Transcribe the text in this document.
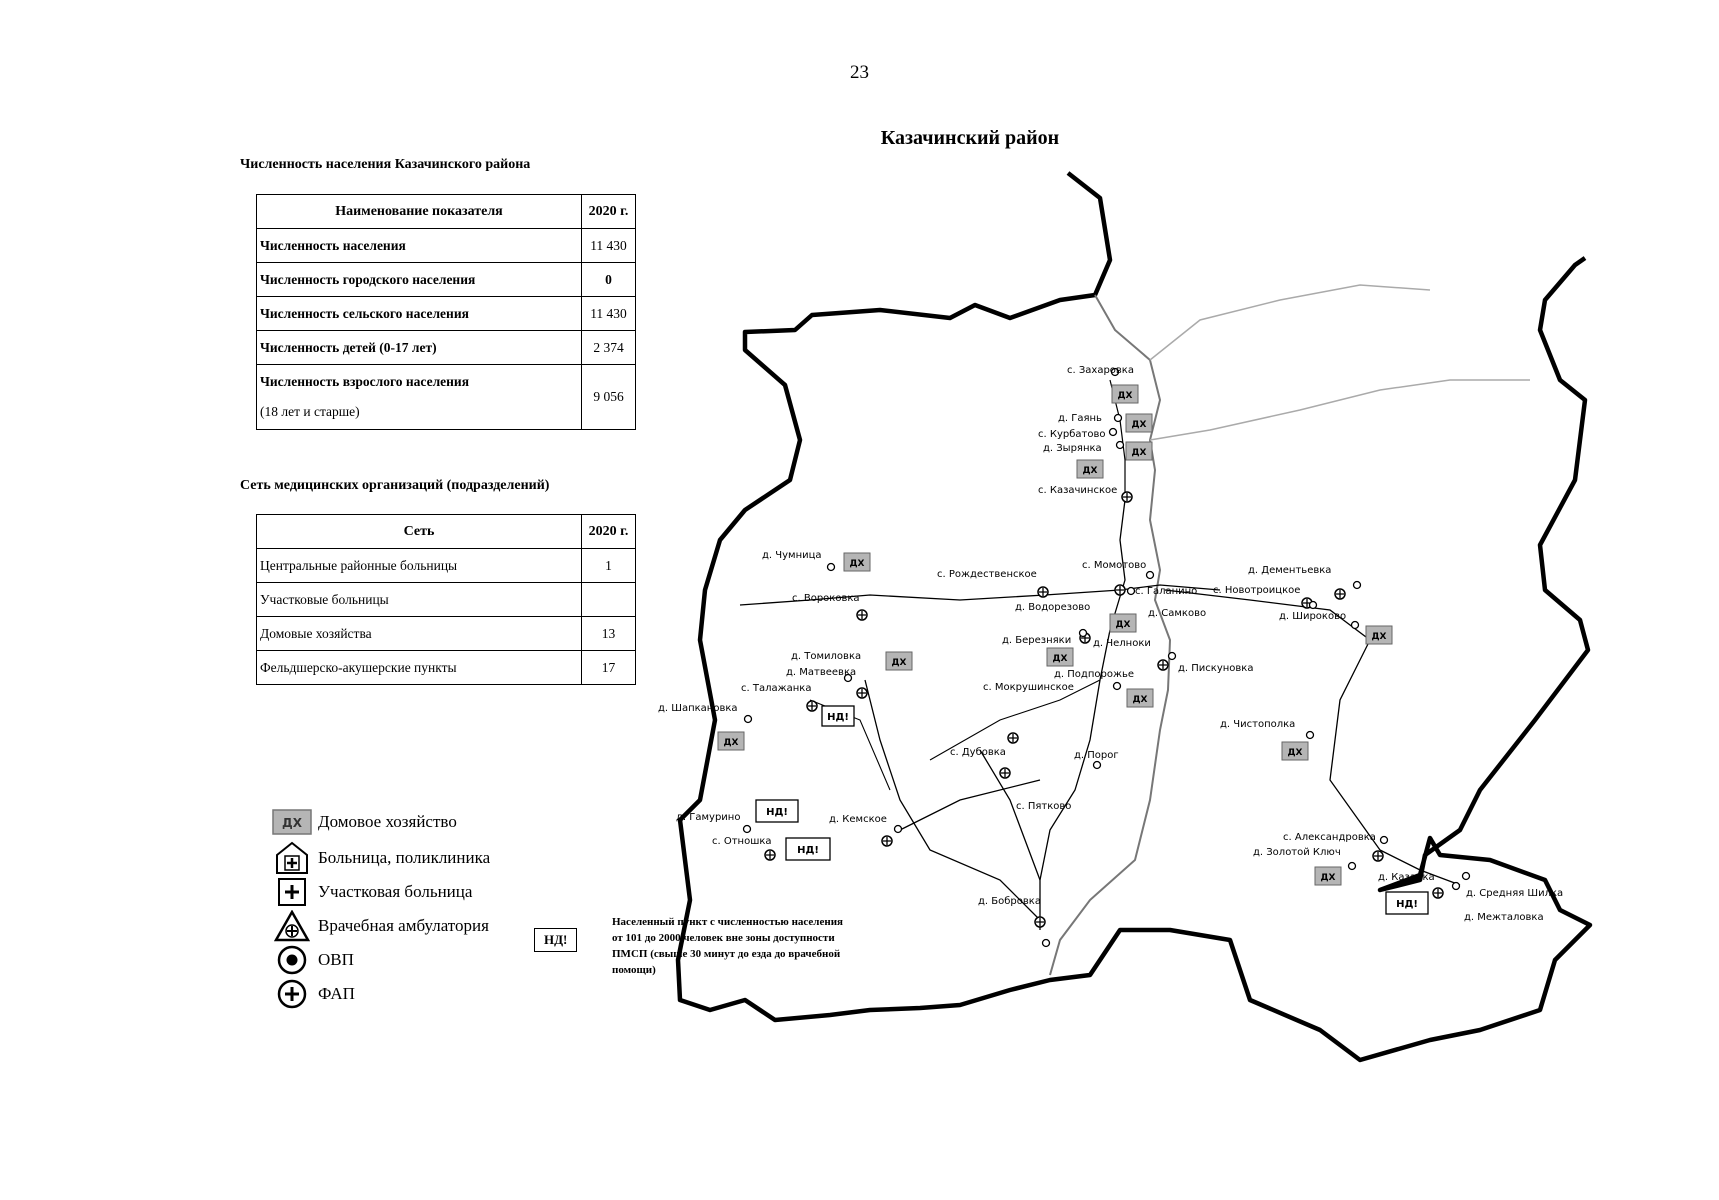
23
Казачинский район
Численность населения Казачинского района
Наименование показателя	2020 г.
Численность населения	11 430
Численность городского населения	0
Численность сельского населения	11 430
Численность детей (0-17 лет)	2 374

Численность взрослого населения
(18 лет и старше)	9 056
Сеть медицинских организаций (подразделений)
Сеть	2020 г.
Центральные районные больницы	1
Участковые больницы	
Домовые хозяйства	13
Фельдшерско-акушерские пункты	17
ДХ Домовое хозяйство
Больница, поликлиника
Участковая больница
Врачебная амбулатория
ОВП
ФАП
НД!
Населенный пункт с численностью населения от 101 до 2000 человек вне зоны доступности ПМСП (свыше 30 минут до езда до врачебной помощи)
ДХ
ДХ
ДХ
ДХ
ДХ
ДХ
ДХ
ДХ	ДХ
ДХ
ДХ
ДХ
ДХ
НД!
НД!
НД!
НД!
с. Захаровка
д. Гаянь
с. Курбатово
д. Зырянка
с. Казачинское
д. Чумница
с. Рождественское
с. Момотово	д. Дементьевка
с. Вороковка
с. Галанино с. Новотроицкое
д. Водорезово
д. Самково	д. Широково
д. Березняки д. Челноки
д. Томиловка
д. Матвеевка	д. Подпорожье
д. Пискуновка
с. Талажанка	с. Мокрушинское
д. Шапкановка
д. Чистополка
с. Дубовка	д. Порог
с. Пятково
д. Гамурино	д. Кемское
с. Отношка	с. Александровка
д. Золотой Ключ
д. Казанка
д. Средняя Шилка
д. Межталовка
д. Бобровка
